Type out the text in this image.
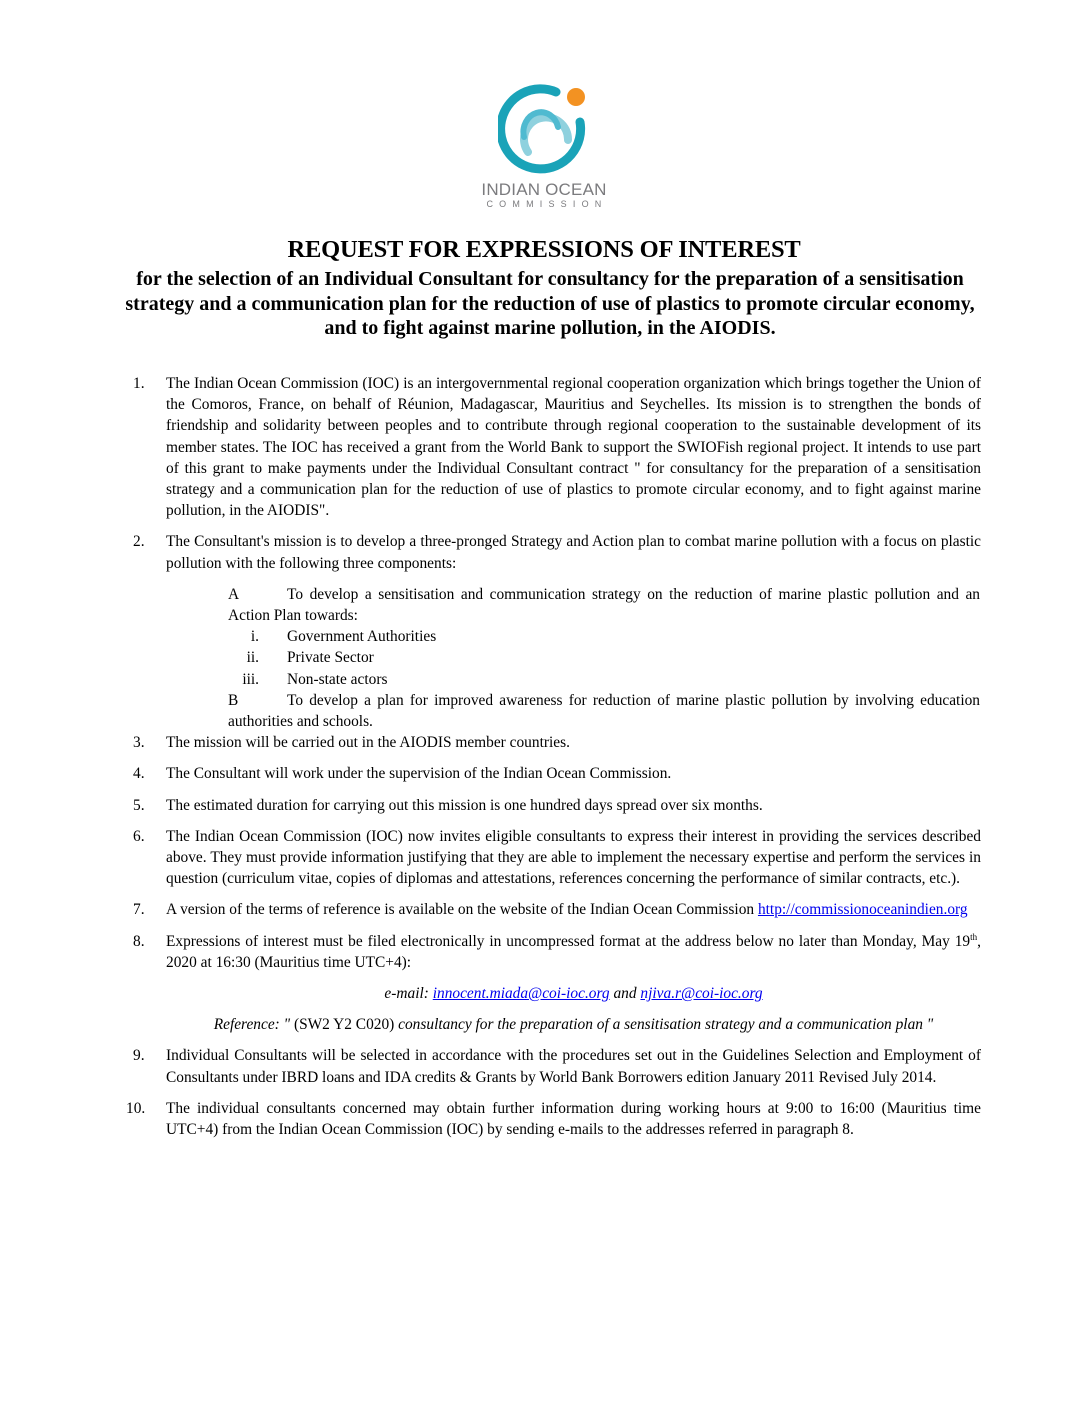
INDIAN OCEAN
COMMISSION
REQUEST FOR EXPRESSIONS OF INTEREST
for the selection of an Individual Consultant for consultancy for the preparation of a sensitisation strategy and a communication plan for the reduction of use of plastics to promote circular economy, and to fight against marine pollution, in the AIODIS.
1. The Indian Ocean Commission (IOC) is an intergovernmental regional cooperation organization which brings together the Union of the Comoros, France, on behalf of Réunion, Madagascar, Mauritius and Seychelles. Its mission is to strengthen the bonds of friendship and solidarity between peoples and to contribute through regional cooperation to the sustainable development of its member states. The IOC has received a grant from the World Bank to support the SWIOFish regional project. It intends to use part of this grant to make payments under the Individual Consultant contract " for consultancy for the preparation of a sensitisation strategy and a communication plan for the reduction of use of plastics to promote circular economy, and to fight against marine pollution, in the AIODIS".
2. The Consultant's mission is to develop a three-pronged Strategy and Action plan to combat marine pollution with a focus on plastic pollution with the following three components:
A	To develop a sensitisation and communication strategy on the reduction of marine plastic pollution and an Action Plan towards:
i. Government Authorities
ii. Private Sector
iii. Non-state actors
B	To develop a plan for improved awareness for reduction of marine plastic pollution by involving education authorities and schools.
3. The mission will be carried out in the AIODIS member countries.
4. The Consultant will work under the supervision of the Indian Ocean Commission.
5. The estimated duration for carrying out this mission is one hundred days spread over six months.
6. The Indian Ocean Commission (IOC) now invites eligible consultants to express their interest in providing the services described above. They must provide information justifying that they are able to implement the necessary expertise and perform the services in question (curriculum vitae, copies of diplomas and attestations, references concerning the performance of similar contracts, etc.).
7. A version of the terms of reference is available on the website of the Indian Ocean Commission http://commissionoceanindien.org
8. Expressions of interest must be filed electronically in uncompressed format at the address below no later than Monday, May 19th, 2020 at 16:30 (Mauritius time UTC+4):
e-mail: innocent.miada@coi-ioc.org and njiva.r@coi-ioc.org
Reference: " (SW2 Y2 C020) consultancy for the preparation of a sensitisation strategy and a communication plan "
9. Individual Consultants will be selected in accordance with the procedures set out in the Guidelines Selection and Employment of Consultants under IBRD loans and IDA credits & Grants by World Bank Borrowers edition January 2011 Revised July 2014.
10. The individual consultants concerned may obtain further information during working hours at 9:00 to 16:00 (Mauritius time UTC+4) from the Indian Ocean Commission (IOC) by sending e-mails to the addresses referred in paragraph 8.
